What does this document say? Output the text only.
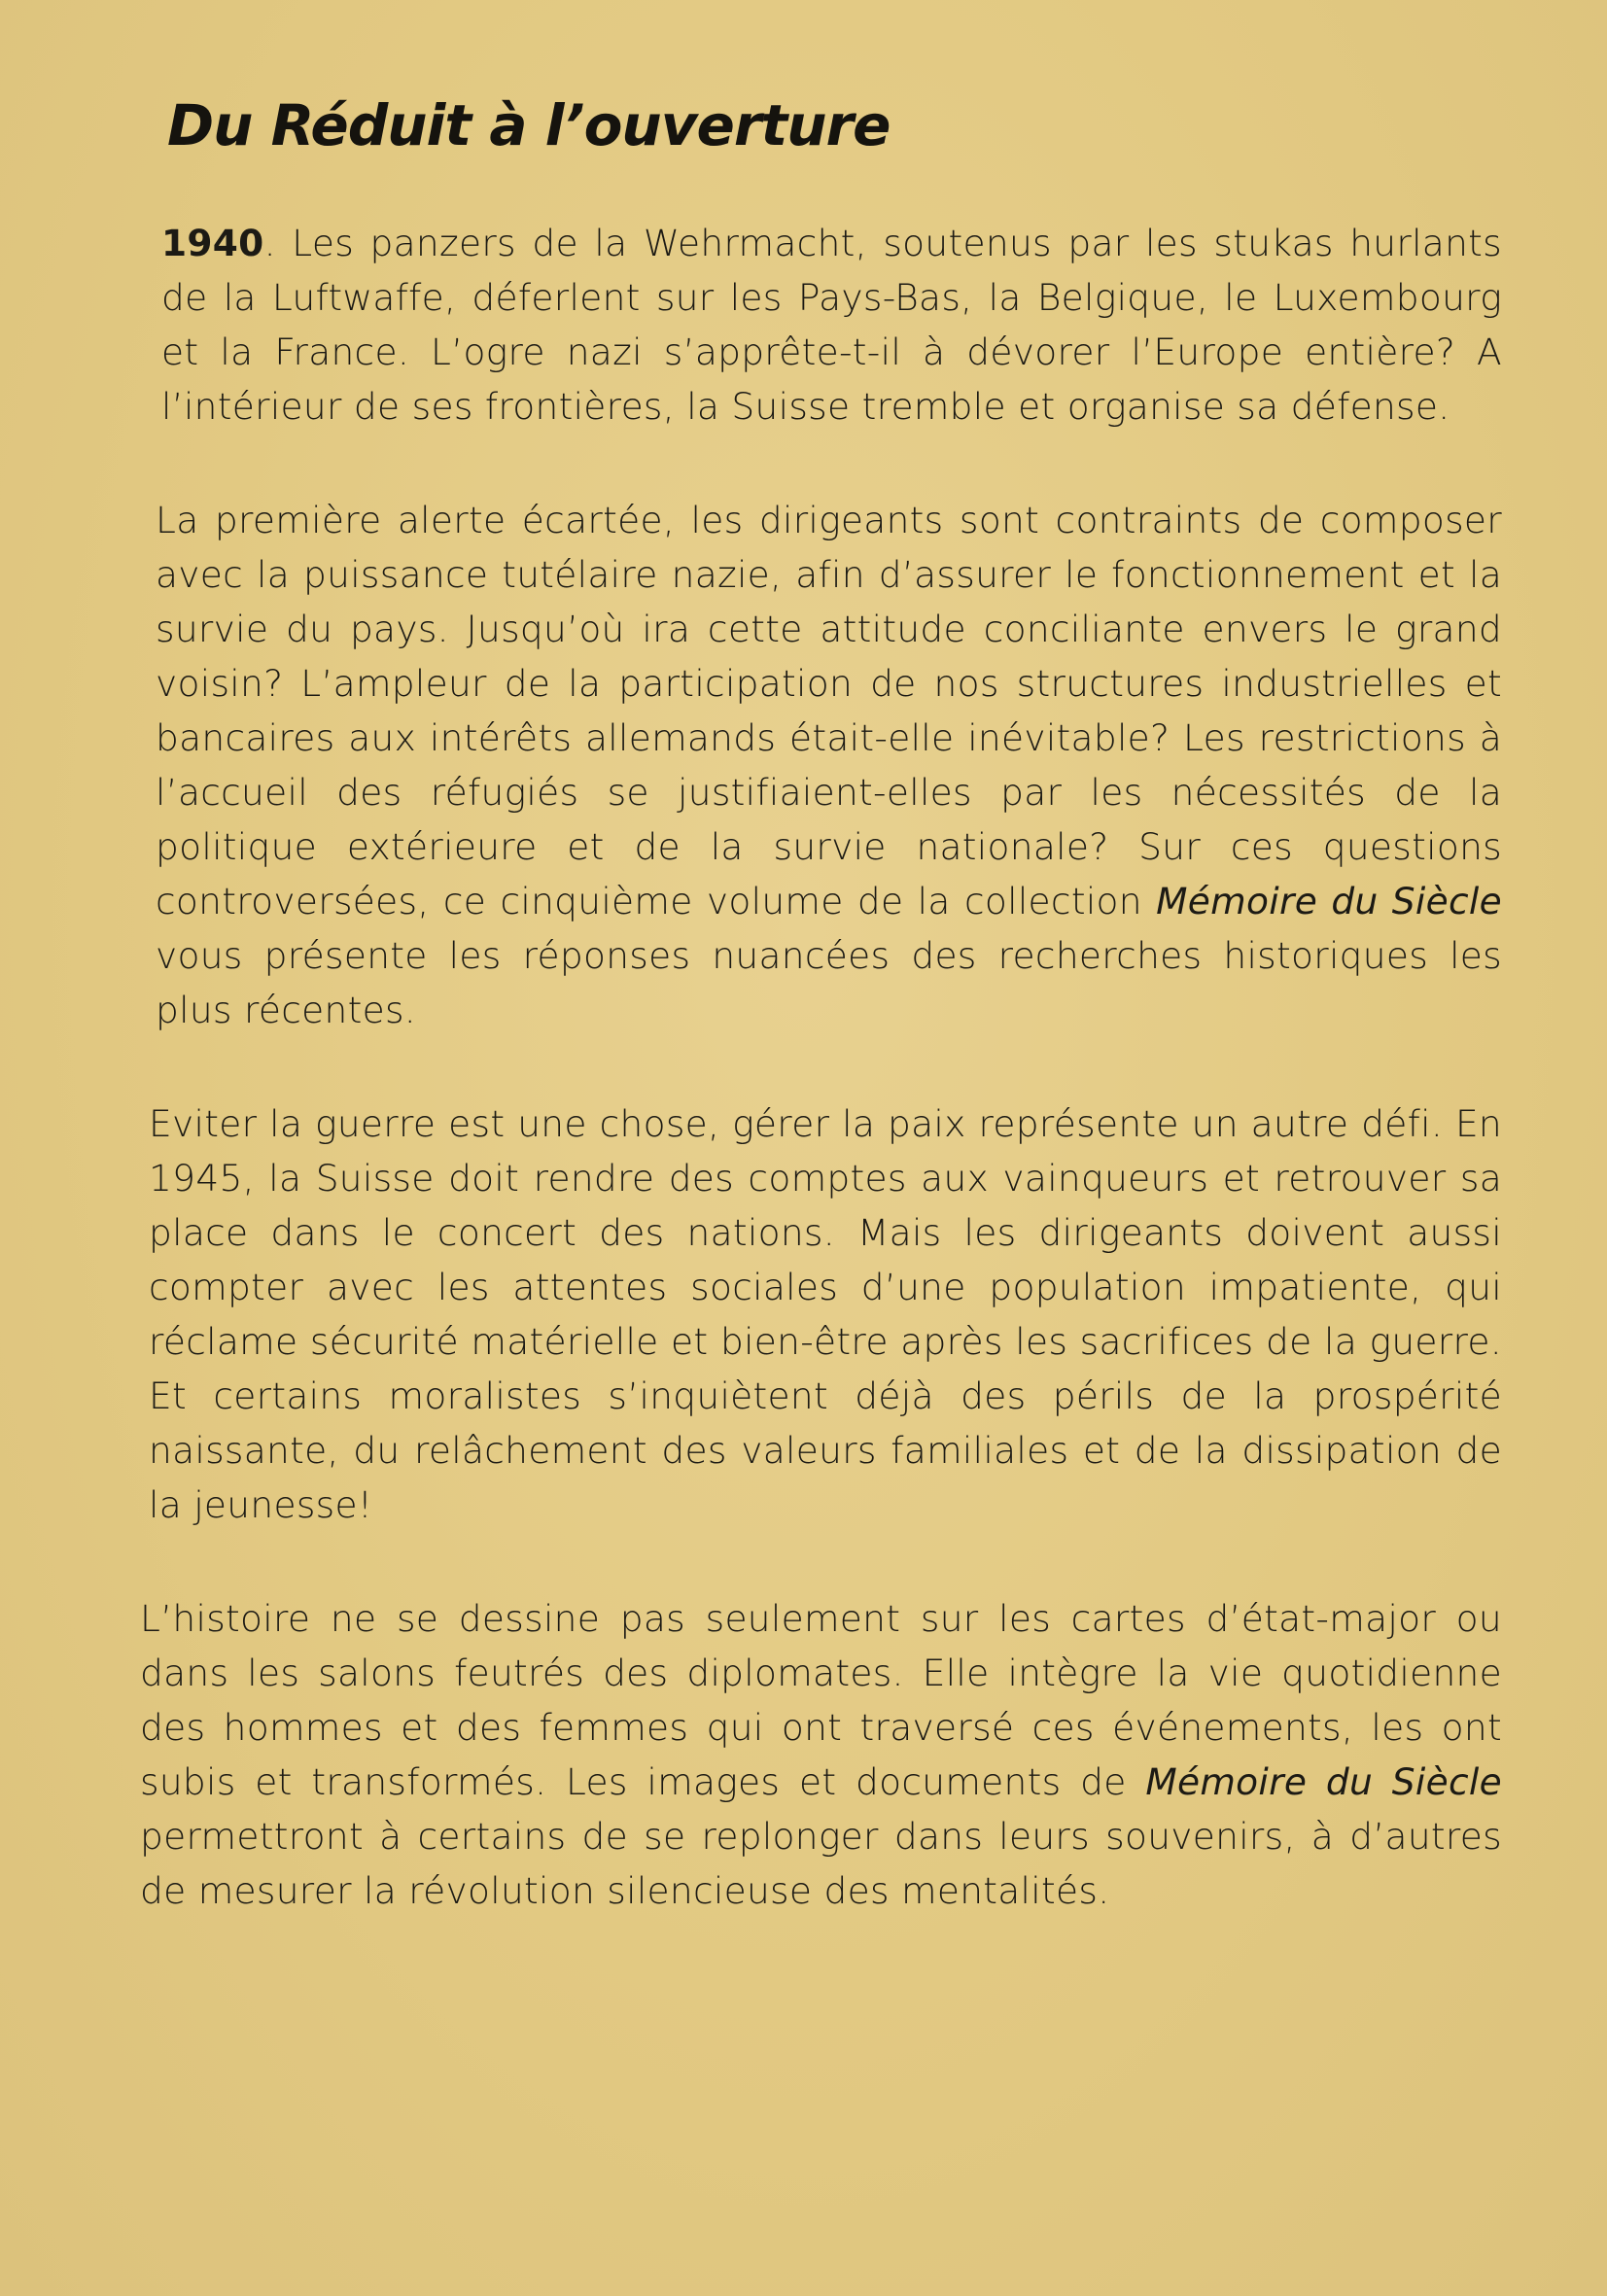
Du Réduit à l’ouverture

1940. Les panzers de la Wehrmacht, soutenus par les stukas hurlants de la Luftwaffe, déferlent sur les Pays-Bas, la Belgique, le Luxembourg et la France. L’ogre nazi s’apprête-t-il à dévorer l’Europe entière? A l’intérieur de ses frontières, la Suisse tremble et organise sa défense.

La première alerte écartée, les dirigeants sont contraints de composer avec la puissance tutélaire nazie, afin d’assurer le fonctionnement et la survie du pays. Jusqu’où ira cette attitude conciliante envers le grand voisin? L’ampleur de la participation de nos structures industrielles et bancaires aux intérêts allemands était-elle inévitable? Les restrictions à l’accueil des réfugiés se justifiaient-elles par les nécessités de la politique extérieure et de la survie nationale? Sur ces questions controversées, ce cinquième volume de la collection Mémoire du Siècle vous présente les réponses nuancées des recherches historiques les plus récentes.

Eviter la guerre est une chose, gérer la paix représente un autre défi. En 1945, la Suisse doit rendre des comptes aux vainqueurs et retrouver sa place dans le concert des nations. Mais les dirigeants doivent aussi compter avec les attentes sociales d’une population impatiente, qui réclame sécurité matérielle et bien-être après les sacrifices de la guerre. Et certains moralistes s’inquiètent déjà des périls de la prospérité naissante, du relâchement des valeurs familiales et de la dissipation de la jeunesse!

L’histoire ne se dessine pas seulement sur les cartes d’état-major ou dans les salons feutrés des diplomates. Elle intègre la vie quotidienne des hommes et des femmes qui ont traversé ces événements, les ont subis et transformés. Les images et documents de Mémoire du Siècle permettront à certains de se replonger dans leurs souvenirs, à d’autres de mesurer la révolution silencieuse des mentalités.
